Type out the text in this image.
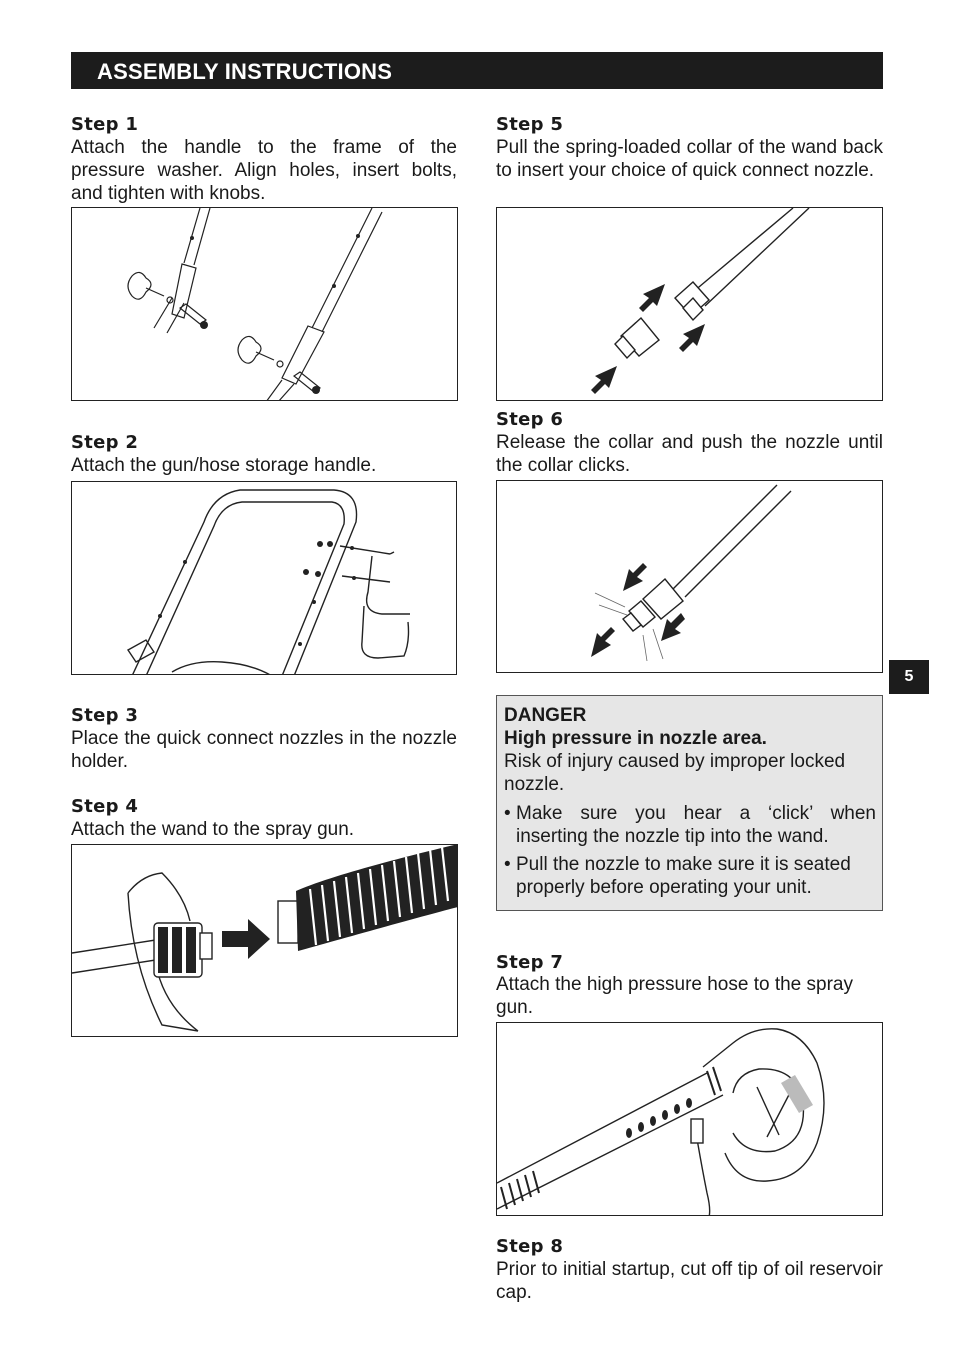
ASSEMBLY INSTRUCTIONS
Step 1
Attach the handle to the frame of the pressure washer. Align holes, insert bolts, and tighten with knobs.
Step 2
Attach the gun/hose storage handle.
Step 3
Place the quick connect nozzles in the nozzle holder.
Step 4
Attach the wand to the spray gun.
Step 5
Pull the spring-loaded collar of the wand back to insert your choice of quick connect nozzle.
Step 6
Release the collar and push the nozzle until the collar clicks.
DANGER
High pressure in nozzle area.
Risk of injury caused by improper locked nozzle.
• Make sure you hear a ‘click’ when inserting the nozzle tip into the wand.
• Pull the nozzle to make sure it is seated properly before operating your unit.
Step 7
Attach the high pressure hose to the spray gun.
Step 8
Prior to initial startup, cut off tip of oil reservoir cap.
5
